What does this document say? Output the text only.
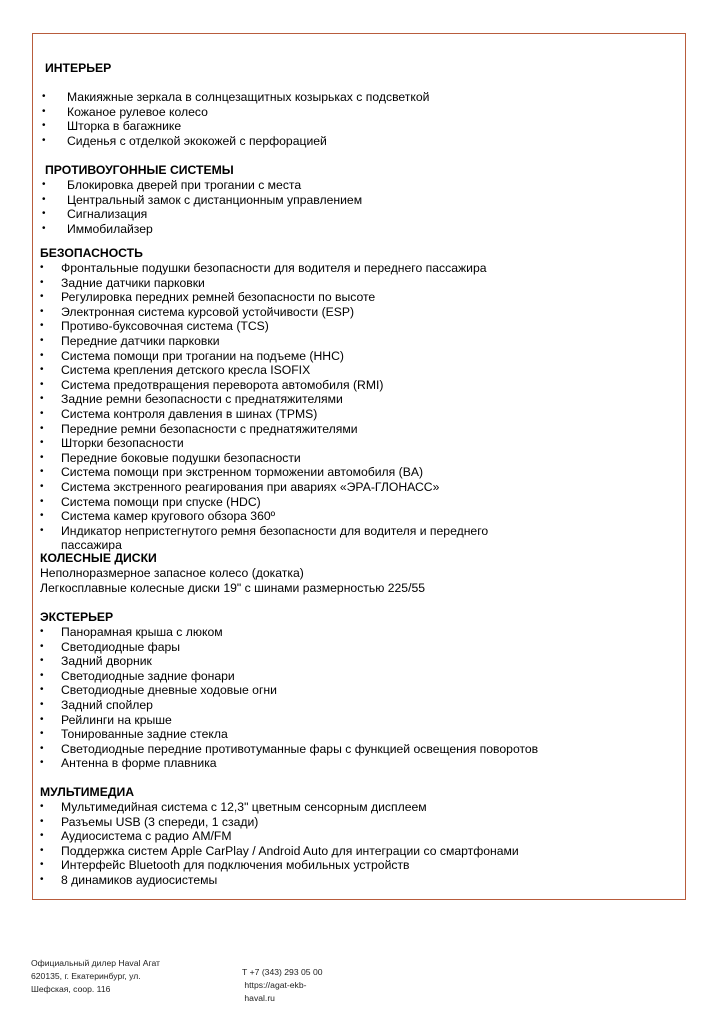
ИНТЕРЬЕР
• Макияжные зеркала в солнцезащитных козырьках с подсветкой
• Кожаное рулевое колесо
• Шторка в багажнике
• Сиденья с отделкой экокожей с перфорацией
ПРОТИВОУГОННЫЕ СИСТЕМЫ
• Блокировка дверей при трогании с места
• Центральный замок с дистанционным управлением
• Сигнализация
• Иммобилайзер
БЕЗОПАСНОСТЬ
• Фронтальные подушки безопасности для водителя и переднего пассажира
• Задние датчики парковки
• Регулировка передних ремней безопасности по высоте
• Электронная система курсовой устойчивости (ESP)
• Противо-буксовочная система (TCS)
• Передние датчики парковки
• Система помощи при трогании на подъеме (HHC)
• Система крепления детского кресла ISOFIX
• Система предотвращения переворота автомобиля (RMI)
• Задние ремни безопасности с преднатяжителями
• Система контроля давления в шинах (TPMS)
• Передние ремни безопасности с преднатяжителями
• Шторки безопасности
• Передние боковые подушки безопасности
• Система помощи при экстренном торможении автомобиля (BA)
• Система экстренного реагирования при авариях «ЭРА-ГЛОНАСС»
• Система помощи при спуске (HDC)
• Система камер кругового обзора 360º
• Индикатор непристегнутого ремня безопасности для водителя и переднего пассажира
КОЛЕСНЫЕ ДИСКИ
Неполноразмерное запасное колесо (докатка)
Легкосплавные колесные диски 19" с шинами размерностью 225/55
ЭКСТЕРЬЕР
• Панорамная крыша с люком
• Светодиодные фары
• Задний дворник
• Светодиодные задние фонари
• Светодиодные дневные ходовые огни
• Задний спойлер
• Рейлинги на крыше
• Тонированные задние стекла
• Светодиодные передние противотуманные фары с функцией освещения поворотов
• Антенна в форме плавника
МУЛЬТИМЕДИА
• Мультимедийная система с 12,3" цветным сенсорным дисплеем
• Разъемы USB (3 спереди, 1 сзади)
• Аудиосистема с радио AM/FM
• Поддержка систем Apple CarPlay / Android Auto для интеграции со смартфонами
• Интерфейс Bluetooth для подключения мобильных устройств
• 8 динамиков аудиосистемы
Официальный дилер Haval Агат
620135, г. Екатеринбург, ул.
Шефская, соор. 116
Т +7 (343) 293 05 00
https://agat-ekb-
haval.ru
